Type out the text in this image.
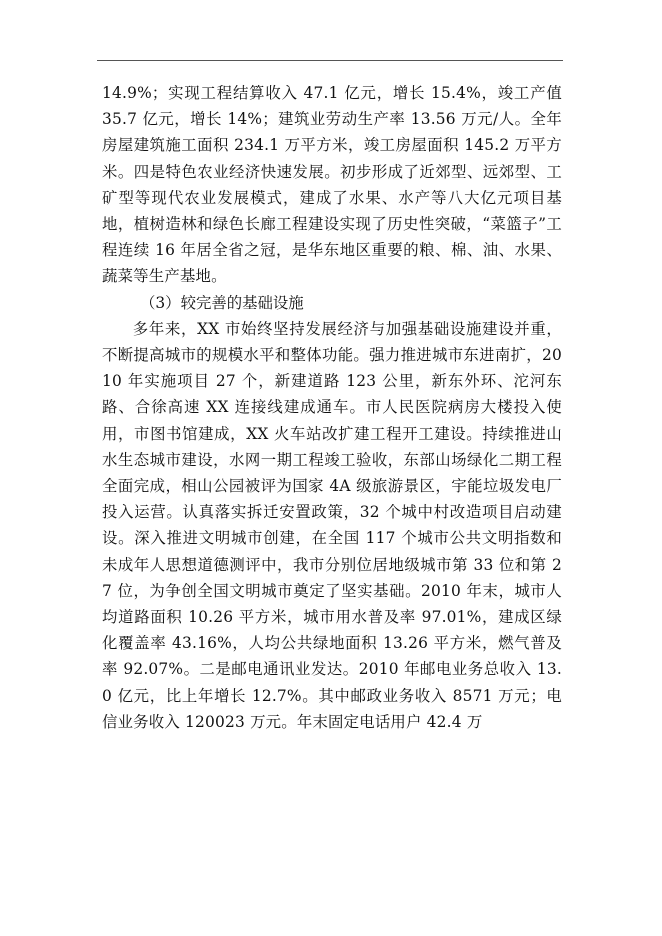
14.9%；实现工程结算收入 47.1 亿元，增长 15.4%，竣工产值 35.7 亿元，增长 14%；建筑业劳动生产率 13.56 万元/人。全年房屋建筑施工面积 234.1 万平方米，竣工房屋面积 145.2 万平方米。四是特色农业经济快速发展。初步形成了近郊型、远郊型、工矿型等现代农业发展模式，建成了水果、水产等八大亿元项目基地，植树造林和绿色长廊工程建设实现了历史性突破，“菜篮子”工程连续 16 年居全省之冠，是华东地区重要的粮、棉、油、水果、蔬菜等生产基地。

（3）较完善的基础设施

多年来，XX 市始终坚持发展经济与加强基础设施建设并重，不断提高城市的规模水平和整体功能。强力推进城市东进南扩，2010 年实施项目 27 个，新建道路 123 公里，新东外环、沱河东路、合徐高速 XX 连接线建成通车。市人民医院病房大楼投入使用，市图书馆建成，XX 火车站改扩建工程开工建设。持续推进山水生态城市建设，水网一期工程竣工验收，东部山场绿化二期工程全面完成，相山公园被评为国家 4A 级旅游景区，宇能垃圾发电厂投入运营。认真落实拆迁安置政策，32 个城中村改造项目启动建设。深入推进文明城市创建，在全国 117 个城市公共文明指数和未成年人思想道德测评中，我市分别位居地级城市第 33 位和第 27 位，为争创全国文明城市奠定了坚实基础。2010 年末，城市人均道路面积 10.26 平方米，城市用水普及率 97.01%，建成区绿化覆盖率 43.16%，人均公共绿地面积 13.26 平方米，燃气普及率 92.07%。二是邮电通讯业发达。2010 年邮电业务总收入 13.0 亿元，比上年增长 12.7%。其中邮政业务收入 8571 万元；电信业务收入 120023 万元。年末固定电话用户 42.4 万
